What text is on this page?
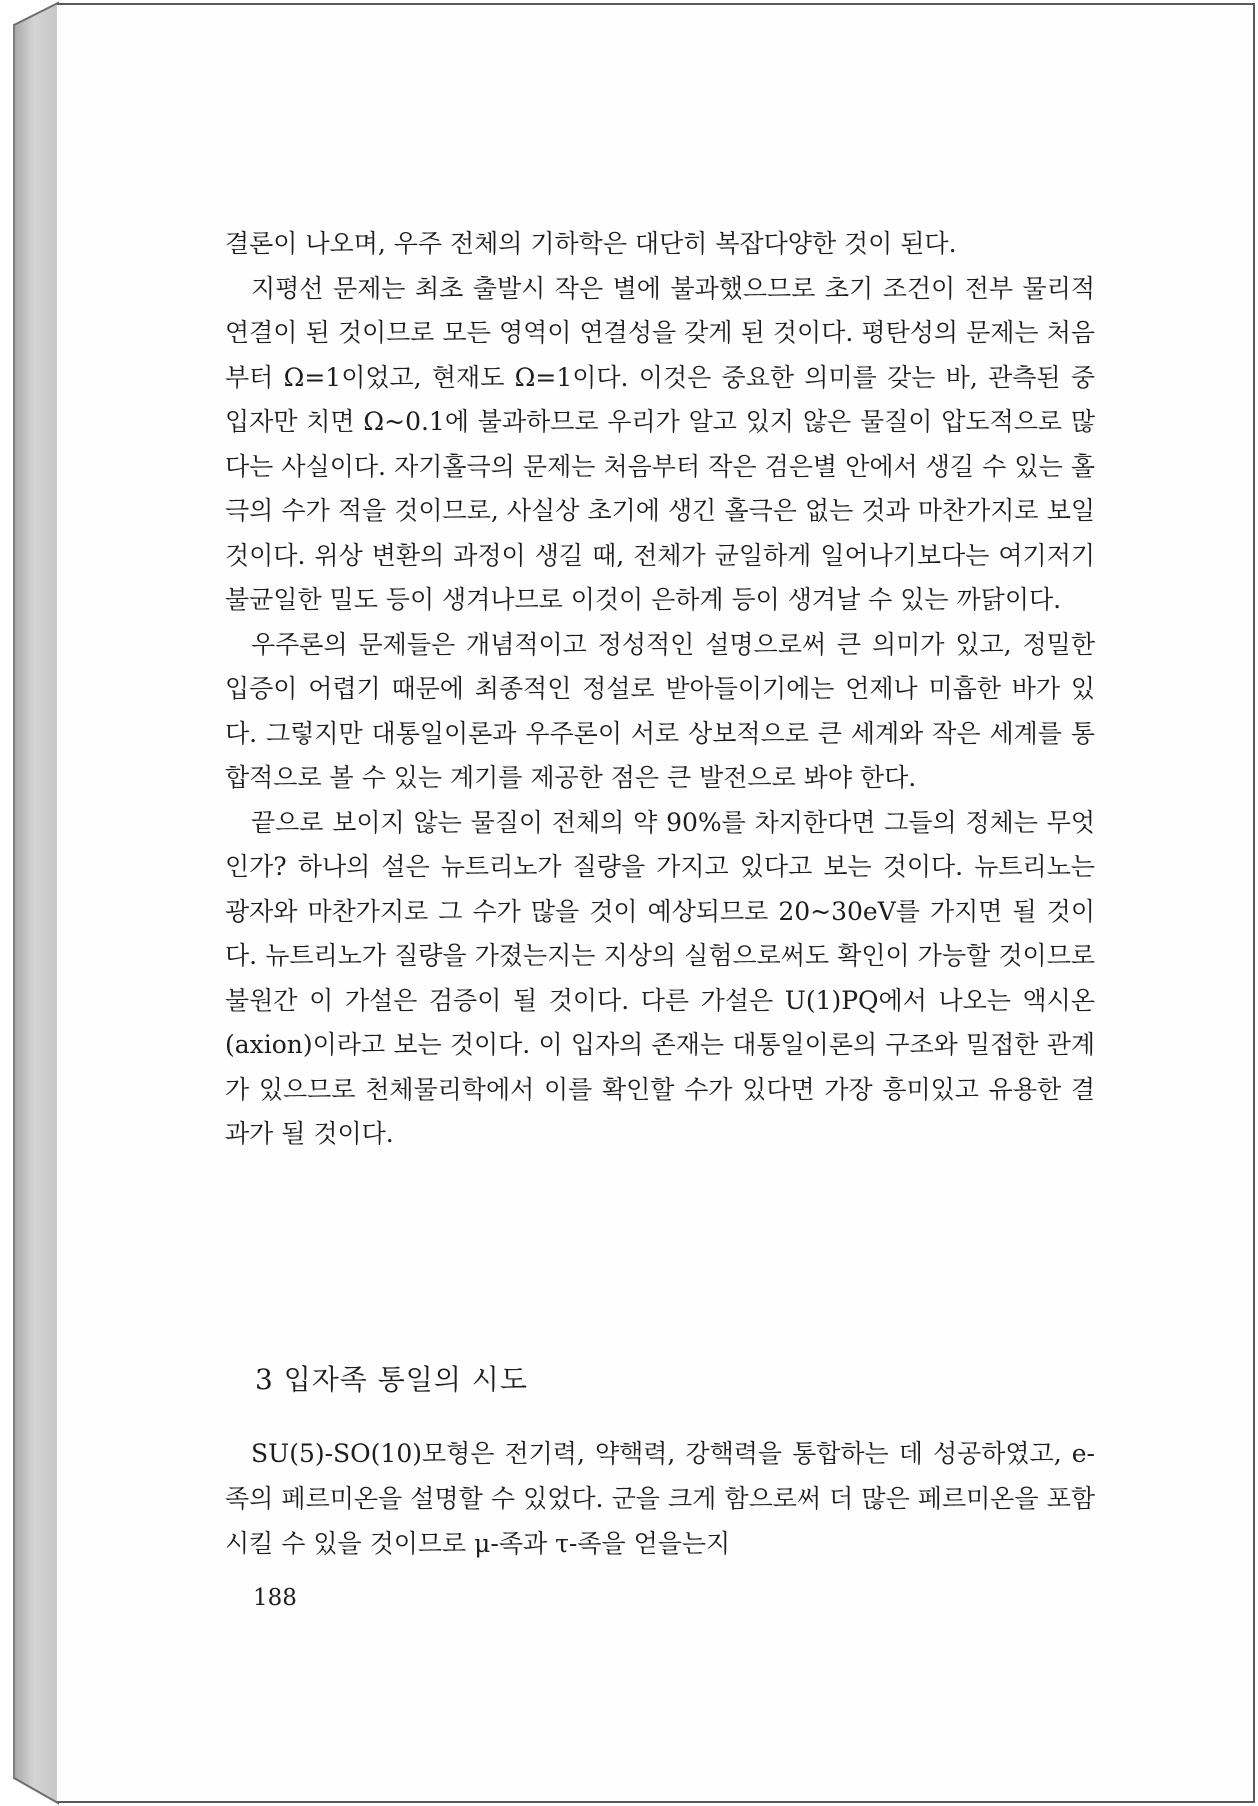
결론이 나오며, 우주 전체의 기하학은 대단히 복잡다양한 것이 된다.

지평선 문제는 최초 출발시 작은 별에 불과했으므로 초기 조건이 전부 물리적 연결이 된 것이므로 모든 영역이 연결성을 갖게 된 것이다. 평탄성의 문제는 처음부터 Ω=1이었고, 현재도 Ω=1이다. 이것은 중요한 의미를 갖는 바, 관측된 중입자만 치면 Ω~0.1에 불과하므로 우리가 알고 있지 않은 물질이 압도적으로 많다는 사실이다. 자기홀극의 문제는 처음부터 작은 검은별 안에서 생길 수 있는 홀극의 수가 적을 것이므로, 사실상 초기에 생긴 홀극은 없는 것과 마찬가지로 보일 것이다. 위상 변환의 과정이 생길 때, 전체가 균일하게 일어나기보다는 여기저기 불균일한 밀도 등이 생겨나므로 이것이 은하계 등이 생겨날 수 있는 까닭이다.

우주론의 문제들은 개념적이고 정성적인 설명으로써 큰 의미가 있고, 정밀한 입증이 어렵기 때문에 최종적인 정설로 받아들이기에는 언제나 미흡한 바가 있다. 그렇지만 대통일이론과 우주론이 서로 상보적으로 큰 세계와 작은 세계를 통합적으로 볼 수 있는 계기를 제공한 점은 큰 발전으로 봐야 한다.

끝으로 보이지 않는 물질이 전체의 약 90%를 차지한다면 그들의 정체는 무엇인가? 하나의 설은 뉴트리노가 질량을 가지고 있다고 보는 것이다. 뉴트리노는 광자와 마찬가지로 그 수가 많을 것이 예상되므로 20~30eV를 가지면 될 것이다. 뉴트리노가 질량을 가졌는지는 지상의 실험으로써도 확인이 가능할 것이므로 불원간 이 가설은 검증이 될 것이다. 다른 가설은 U(1)PQ에서 나오는 액시온(axion)이라고 보는 것이다. 이 입자의 존재는 대통일이론의 구조와 밀접한 관계가 있으므로 천체물리학에서 이를 확인할 수가 있다면 가장 흥미있고 유용한 결과가 될 것이다.

3 입자족 통일의 시도

SU(5)-SO(10)모형은 전기력, 약핵력, 강핵력을 통합하는 데 성공하였고, e-족의 페르미온을 설명할 수 있었다. 군을 크게 함으로써 더 많은 페르미온을 포함시킬 수 있을 것이므로 μ-족과 τ-족을 얻을는지

188
